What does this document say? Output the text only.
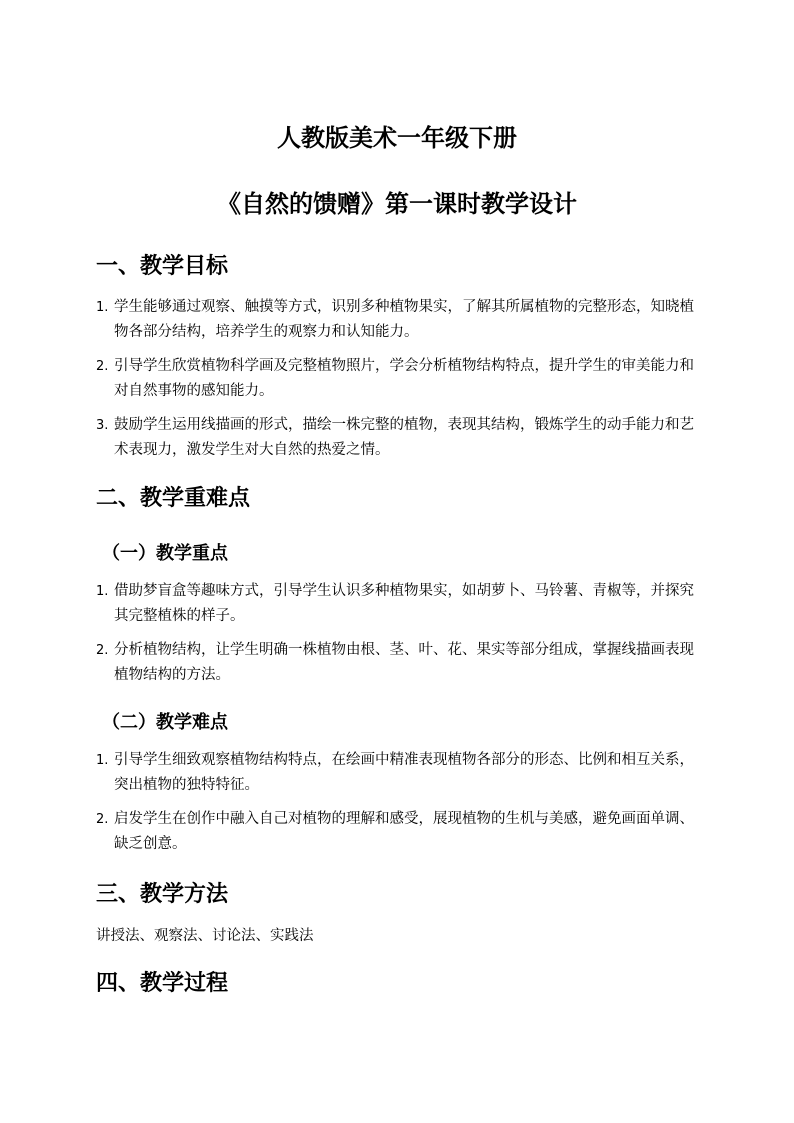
人教版美术一年级下册
《自然的馈赠》第一课时教学设计
一、教学目标
1. 学生能够通过观察、触摸等方式，识别多种植物果实，了解其所属植物的完整形态，知晓植物各部分结构，培养学生的观察力和认知能力。
2. 引导学生欣赏植物科学画及完整植物照片，学会分析植物结构特点，提升学生的审美能力和对自然事物的感知能力。
3. 鼓励学生运用线描画的形式，描绘一株完整的植物，表现其结构，锻炼学生的动手能力和艺术表现力，激发学生对大自然的热爱之情。
二、教学重难点
（一）教学重点
1. 借助梦盲盒等趣味方式，引导学生认识多种植物果实，如胡萝卜、马铃薯、青椒等，并探究其完整植株的样子。
2. 分析植物结构，让学生明确一株植物由根、茎、叶、花、果实等部分组成，掌握线描画表现植物结构的方法。
（二）教学难点
1. 引导学生细致观察植物结构特点，在绘画中精准表现植物各部分的形态、比例和相互关系，突出植物的独特特征。
2. 启发学生在创作中融入自己对植物的理解和感受，展现植物的生机与美感，避免画面单调、缺乏创意。
三、教学方法

讲授法、观察法、讨论法、实践法

四、教学过程
